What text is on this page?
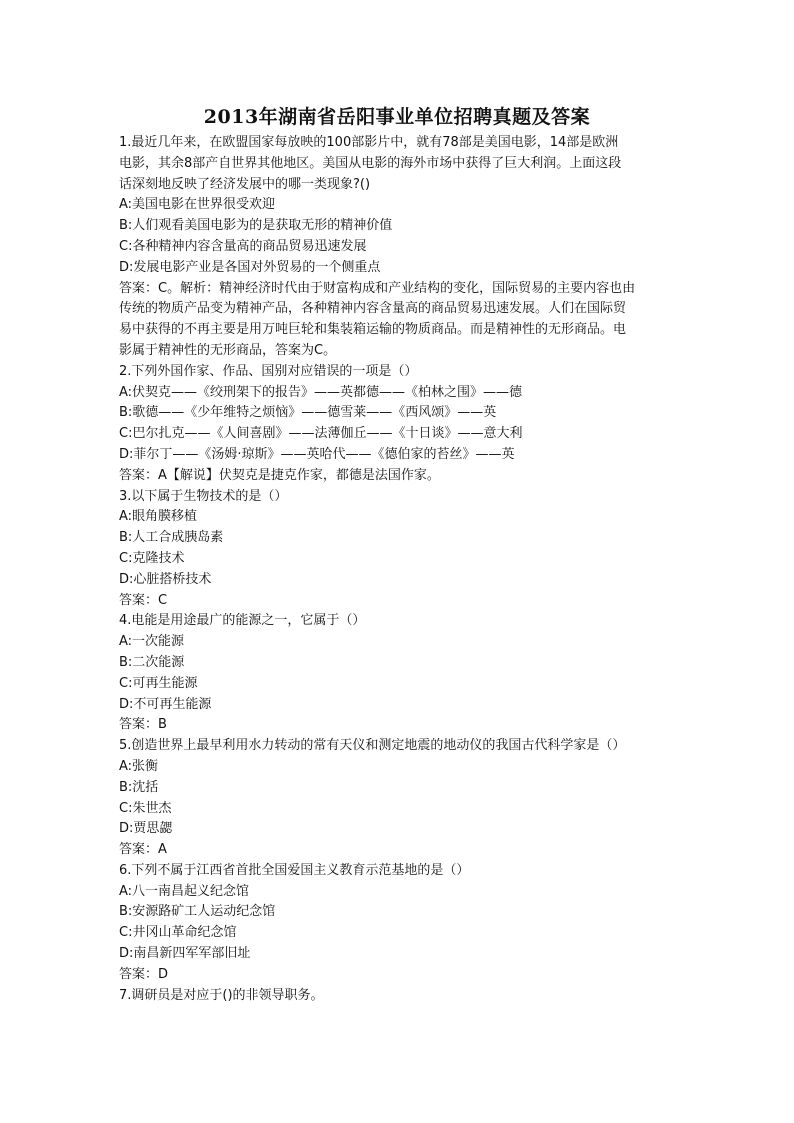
2013年湖南省岳阳事业单位招聘真题及答案

1.最近几年来，在欧盟国家每放映的100部影片中，就有78部是美国电影，14部是欧洲

电影，其余8部产自世界其他地区。美国从电影的海外市场中获得了巨大利润。上面这段

话深刻地反映了经济发展中的哪一类现象?()

A:美国电影在世界很受欢迎

B:人们观看美国电影为的是获取无形的精神价值

C:各种精神内容含量高的商品贸易迅速发展

D:发展电影产业是各国对外贸易的一个侧重点

答案：C。解析：精神经济时代由于财富构成和产业结构的变化，国际贸易的主要内容也由

传统的物质产品变为精神产品，各种精神内容含量高的商品贸易迅速发展。人们在国际贸

易中获得的不再主要是用万吨巨轮和集装箱运输的物质商品。而是精神性的无形商品。电

影属于精神性的无形商品，答案为C。

2.下列外国作家、作品、国别对应错误的一项是（）

A:伏契克——《绞刑架下的报告》——英都德——《柏林之围》——德

B:歌德——《少年维特之烦恼》——德雪莱——《西风颂》——英

C:巴尔扎克——《人间喜剧》——法薄伽丘——《十日谈》——意大利

D:菲尔丁——《汤姆·琼斯》——英哈代——《德伯家的苔丝》——英

答案：A【解说】伏契克是捷克作家，都德是法国作家。

3.以下属于生物技术的是（）

A:眼角膜移植

B:人工合成胰岛素

C:克隆技术

D:心脏搭桥技术

答案：C

4.电能是用途最广的能源之一，它属于（）

A:一次能源

B:二次能源

C:可再生能源

D:不可再生能源

答案：B

5.创造世界上最早利用水力转动的常有天仪和测定地震的地动仪的我国古代科学家是（）

A:张衡

B:沈括

C:朱世杰

D:贾思勰

答案：A

6.下列不属于江西省首批全国爱国主义教育示范基地的是（）

A:八一南昌起义纪念馆

B:安源路矿工人运动纪念馆

C:井冈山革命纪念馆

D:南昌新四军军部旧址

答案：D

7.调研员是对应于()的非领导职务。
